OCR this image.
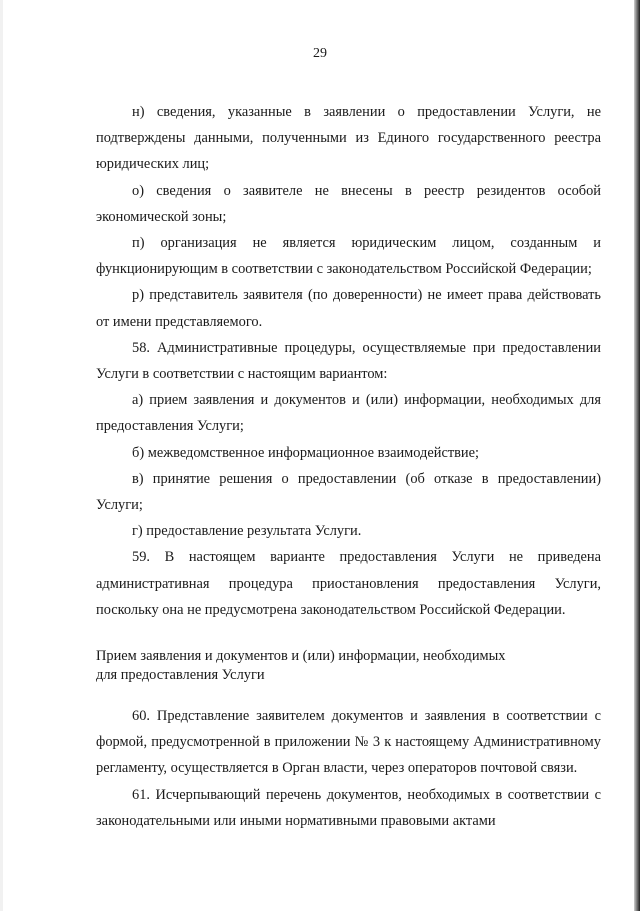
29

н) сведения, указанные в заявлении о предоставлении Услуги, не подтверждены данными, полученными из Единого государственного реестра юридических лиц;

о) сведения о заявителе не внесены в реестр резидентов особой экономической зоны;

п) организация не является юридическим лицом, созданным и функционирующим в соответствии с законодательством Российской Федерации;

р) представитель заявителя (по доверенности) не имеет права действовать от имени представляемого.

58. Административные процедуры, осуществляемые при предоставлении Услуги в соответствии с настоящим вариантом:

а) прием заявления и документов и (или) информации, необходимых для предоставления Услуги;

б) межведомственное информационное взаимодействие;

в) принятие решения о предоставлении (об отказе в предоставлении) Услуги;

г) предоставление результата Услуги.

59. В настоящем варианте предоставления Услуги не приведена административная процедура приостановления предоставления Услуги, поскольку она не предусмотрена законодательством Российской Федерации.

Прием заявления и документов и (или) информации, необходимых
для предоставления Услуги

60. Представление заявителем документов и заявления в соответствии с формой, предусмотренной в приложении № 3 к настоящему Административному регламенту, осуществляется в Орган власти, через операторов почтовой связи.

61. Исчерпывающий перечень документов, необходимых в соответствии с законодательными или иными нормативными правовыми актами
